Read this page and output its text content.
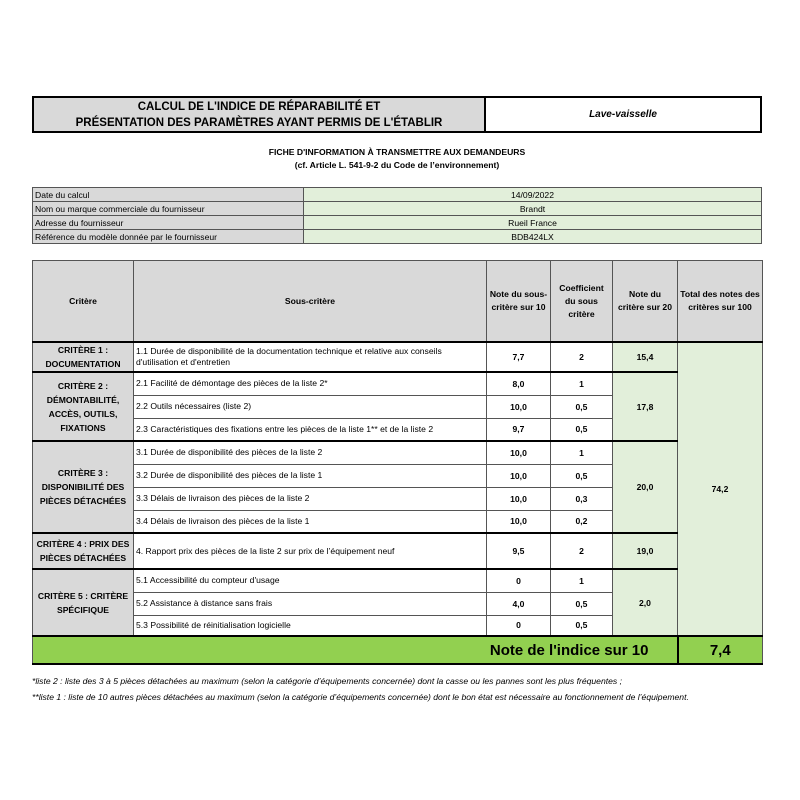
CALCUL DE L'INDICE DE RÉPARABILITÉ ET
PRÉSENTATION DES PARAMÈTRES AYANT PERMIS DE L'ÉTABLIR
Lave-vaisselle
FICHE D'INFORMATION À TRANSMETTRE AUX DEMANDEURS
(cf. Article L. 541-9-2 du Code de l’environnement)
Date du calcul	14/09/2022
Nom ou marque commerciale du fournisseur	Brandt
Adresse du fournisseur	Rueil France
Référence du modèle donnée par le fournisseur	BDB424LX
Critère	Sous-critère	Note du sous-critère sur 10	Coefficient du sous critère	Note du critère sur 20	Total des notes des critères sur 100
CRITÈRE 1 : DOCUMENTATION	1.1 Durée de disponibilité de la documentation technique et relative aux conseils d'utilisation et d'entretien	7,7	2	15,4	74,2
CRITÈRE 2 : DÉMONTABILITÉ, ACCÈS, OUTILS, FIXATIONS	2.1 Facilité de démontage des pièces de la liste 2*	8,0	1	17,8	
	2.2 Outils nécessaires (liste 2)	10,0	0,5		
	2.3 Caractéristiques des fixations entre les pièces de la liste 1** et de la liste 2	9,7	0,5		
CRITÈRE 3 : DISPONIBILITÉ DES PIÈCES DÉTACHÉES	3.1 Durée de disponibilité des pièces de la liste 2	10,0	1	20,0	
	3.2 Durée de disponibilité des pièces de la liste 1	10,0	0,5		
	3.3 Délais de livraison des pièces de la liste 2	10,0	0,3		
	3.4 Délais de livraison des pièces de la liste 1	10,0	0,2		
CRITÈRE 4 : PRIX DES PIÈCES DÉTACHÉES	4. Rapport prix des pièces de la liste 2 sur prix de l’équipement neuf	9,5	2	19,0	
CRITÈRE 5 : CRITÈRE SPÉCIFIQUE	5.1 Accessibilité du compteur d'usage	0	1	2,0	
	5.2 Assistance à distance sans frais	4,0	0,5		
	5.3 Possibilité de réinitialisation logicielle	0	0,5		
Note de l'indice sur 10					7,4
*liste 2 : liste des 3 à 5 pièces détachées au maximum (selon la catégorie d’équipements concernée) dont la casse ou les pannes sont les plus fréquentes ;
**liste 1 : liste de 10 autres pièces détachées au maximum (selon la catégorie d’équipements concernée) dont le bon état est nécessaire au fonctionnement de l’équipement.
